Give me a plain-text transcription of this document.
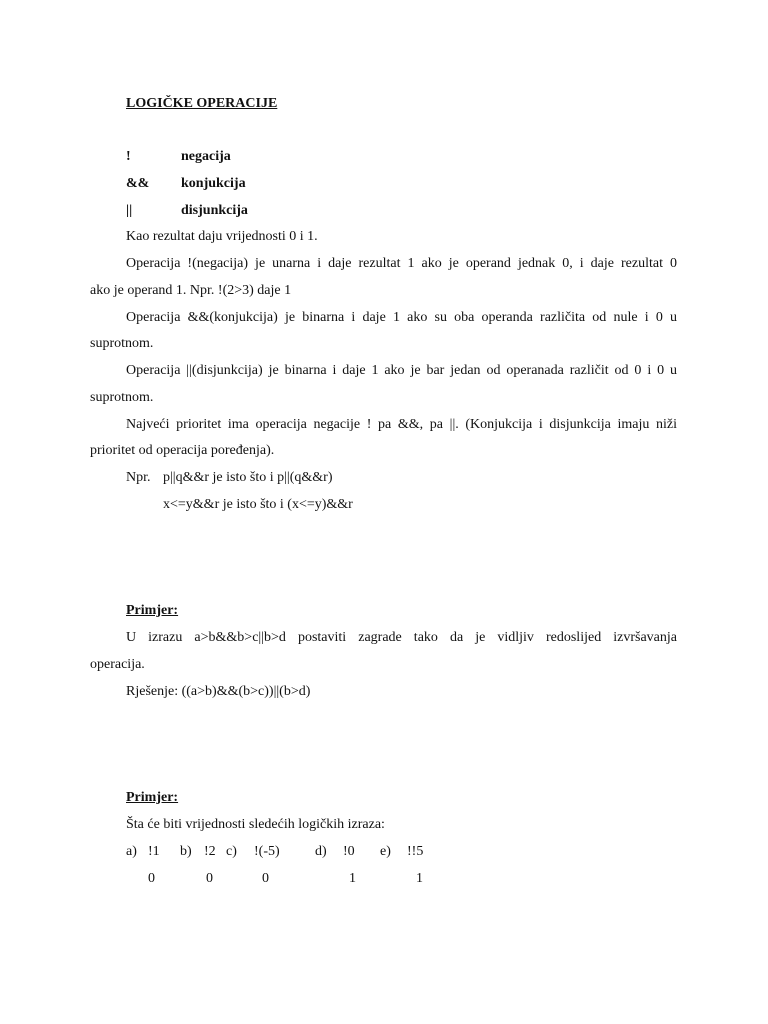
LOGIČKE OPERACIJE
!	negacija
&& konjukcija
||	disjunkcija
Kao rezultat daju vrijednosti 0 i 1.
Operacija !(negacija) je unarna i daje rezultat 1 ako je operand jednak 0, i daje rezultat 0
ako je operand 1. Npr. !(2>3) daje 1
Operacija &&(konjukcija) je binarna i daje 1 ako su oba operanda različita od nule i 0 u
suprotnom.
Operacija ||(disjunkcija) je binarna i daje 1 ako je bar jedan od operanada različit od 0 i 0 u
suprotnom.
Najveći prioritet ima operacija negacije ! pa &&, pa ||. (Konjukcija i disjunkcija imaju niži
prioritet od operacija poređenja).
Npr. p||q&&r je isto što i p||(q&&r)
x<=y&&r je isto što i (x<=y)&&r
Primjer:
U izrazu a>b&&b>c||b>d postaviti zagrade tako da je vidljiv redoslijed izvršavanja
operacija.
Rješenje: ((a>b)&&(b>c))||(b>d)
Primjer:
Šta će biti vrijednosti sledećih logičkih izraza:
a) !1 b) !2 c) !(-5)	d) !0 e) !!5
0	0	0	1	1
